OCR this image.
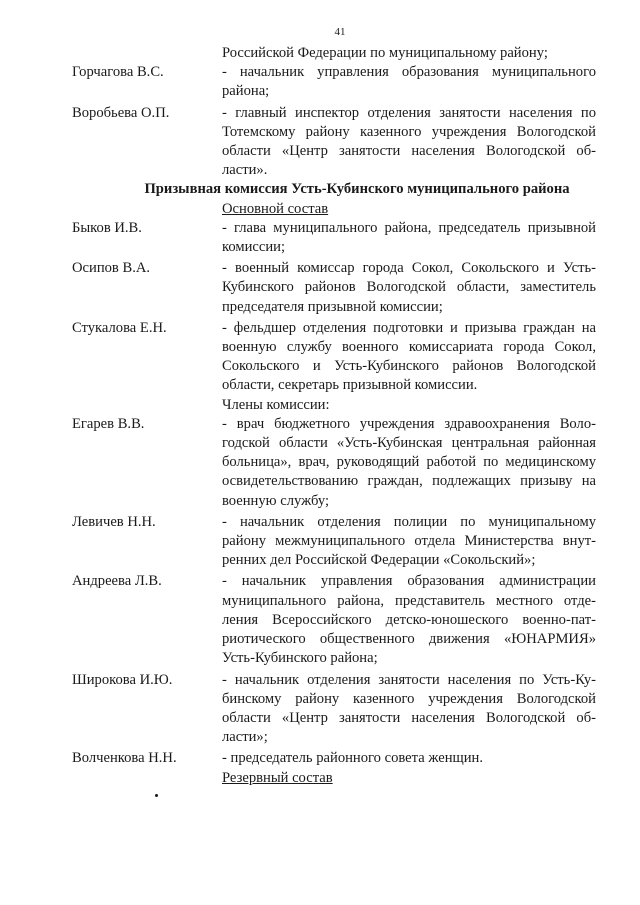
41
Российской Федерации по муниципальному району;
Горчагова В.С.	- начальник управления образования муниципального района;
Воробьева О.П.	- главный инспектор отделения занятости населения по Тотемскому району казенного учреждения Вологодской области «Центр занятости населения Вологодской области».
Призывная комиссия Усть-Кубинского муниципального района
Основной состав
Быков И.В.	- глава муниципального района, председатель призывной комиссии;
Осипов В.А.	- военный комиссар города Сокол, Сокольского и Усть-Кубинского районов Вологодской области, заместитель председателя призывной комиссии;
Стукалова Е.Н.	- фельдшер отделения подготовки и призыва граждан на военную службу военного комиссариата города Сокол, Сокольского и Усть-Кубинского районов Вологодской области, секретарь призывной комиссии.
Члены комиссии:
Егарев В.В.	- врач бюджетного учреждения здравоохранения Вологодской области «Усть-Кубинская центральная районная больница», врач, руководящий работой по медицинскому освидетельствованию граждан, подлежащих призыву на военную службу;
Левичев Н.Н.	- начальник отделения полиции по муниципальному району межмуниципального отдела Министерства внутренних дел Российской Федерации «Сокольский»;
Андреева Л.В.	- начальник управления образования администрации муниципального района, представитель местного отделения Всероссийского детско-юношеского военно-патриотического общественного движения «ЮНАРМИЯ» Усть-Кубинского района;
Широкова И.Ю.	- начальник отделения занятости населения по Усть-Кубинскому району казенного учреждения Вологодской области «Центр занятости населения Вологодской области»;
Волченкова Н.Н.	- председатель районного совета женщин.
Резервный состав
